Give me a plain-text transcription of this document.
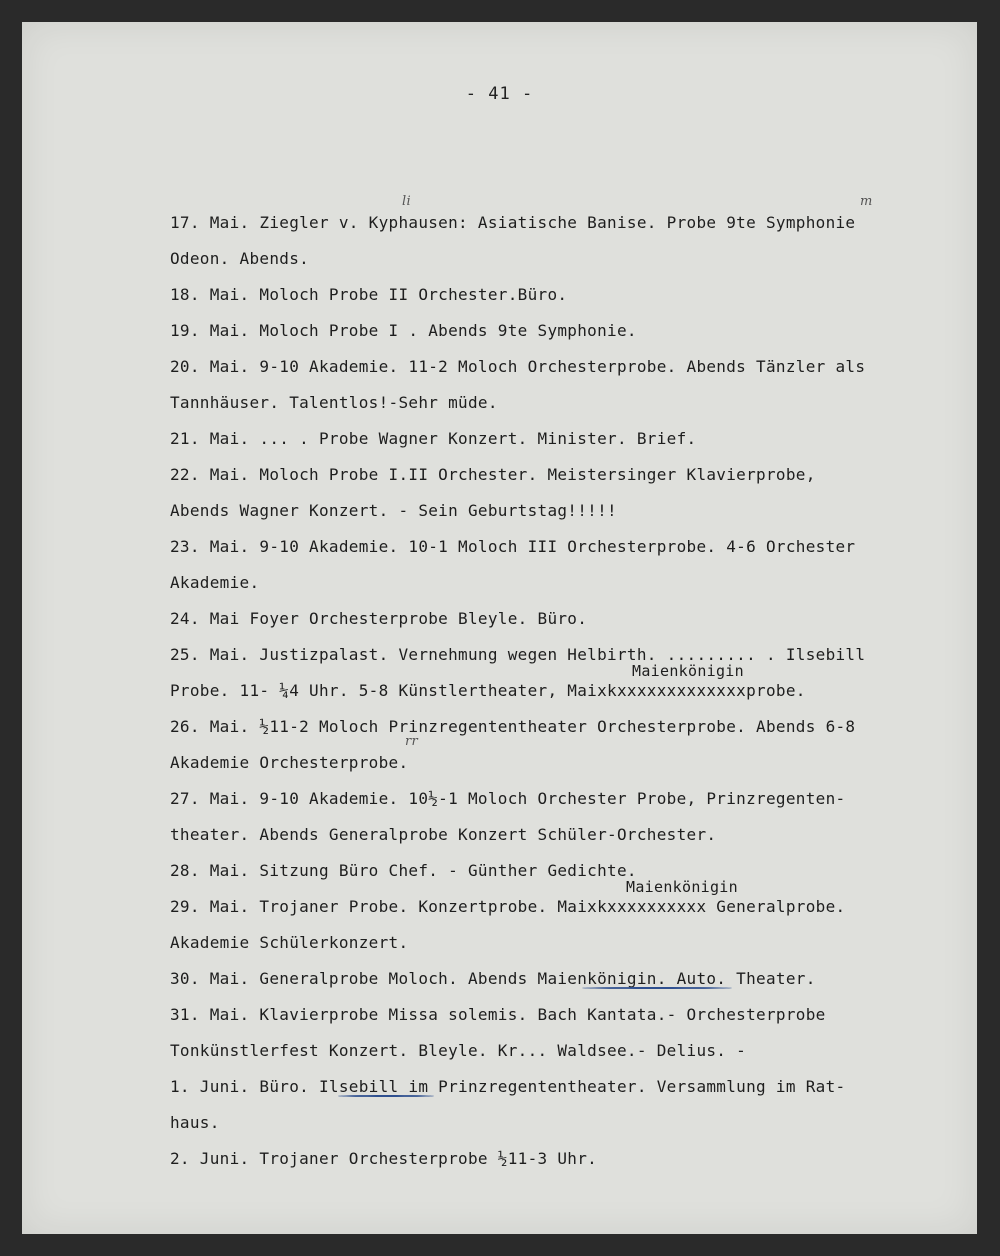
- 41 -
17. Mai. Ziegler v. Kyphausen: Asiatische Banise. Probe 9te Symphonie
Odeon. Abends.
18. Mai. Moloch Probe II Orchester.Büro.
19. Mai. Moloch Probe I . Abends 9te Symphonie.
20. Mai. 9-10 Akademie. 11-2 Moloch Orchesterprobe. Abends Tänzler als
Tannhäuser. Talentlos!-Sehr müde.
21. Mai. ... . Probe Wagner Konzert. Minister. Brief.
22. Mai. Moloch Probe I.II Orchester. Meistersinger Klavierprobe,
Abends Wagner Konzert. - Sein Geburtstag!!!!!
23. Mai. 9-10 Akademie. 10-1 Moloch III Orchesterprobe. 4-6 Orchester
Akademie.
24. Mai Foyer Orchesterprobe Bleyle. Büro.
25. Mai. Justizpalast. Vernehmung wegen Helbirth. ......... . Ilsebill
Maienkönigin
Probe. 11- ¼4 Uhr. 5-8 Künstlertheater, Maixkxxxxxxxxxxxxxprobe.
26. Mai. ½11-2 Moloch Prinzregententheater Orchesterprobe. Abends 6-8
rr
Akademie Orchesterprobe.
27. Mai. 9-10 Akademie. 10½-1 Moloch Orchester Probe, Prinzregenten-
theater. Abends Generalprobe Konzert Schüler-Orchester.
28. Mai. Sitzung Büro Chef. - Günther Gedichte.
Maienkönigin
29. Mai. Trojaner Probe. Konzertprobe. Maixkxxxxxxxxxx Generalprobe.
Akademie Schülerkonzert.
30. Mai. Generalprobe Moloch. Abends Maienkönigin. Auto. Theater.
31. Mai. Klavierprobe Missa solemis. Bach Kantata.- Orchesterprobe
Tonkünstlerfest Konzert. Bleyle. Kr... Waldsee.- Delius. -
1. Juni. Büro. Ilsebill im Prinzregententheater. Versammlung im Rat-
haus.
2. Juni. Trojaner Orchesterprobe ½11-3 Uhr.
li	m
